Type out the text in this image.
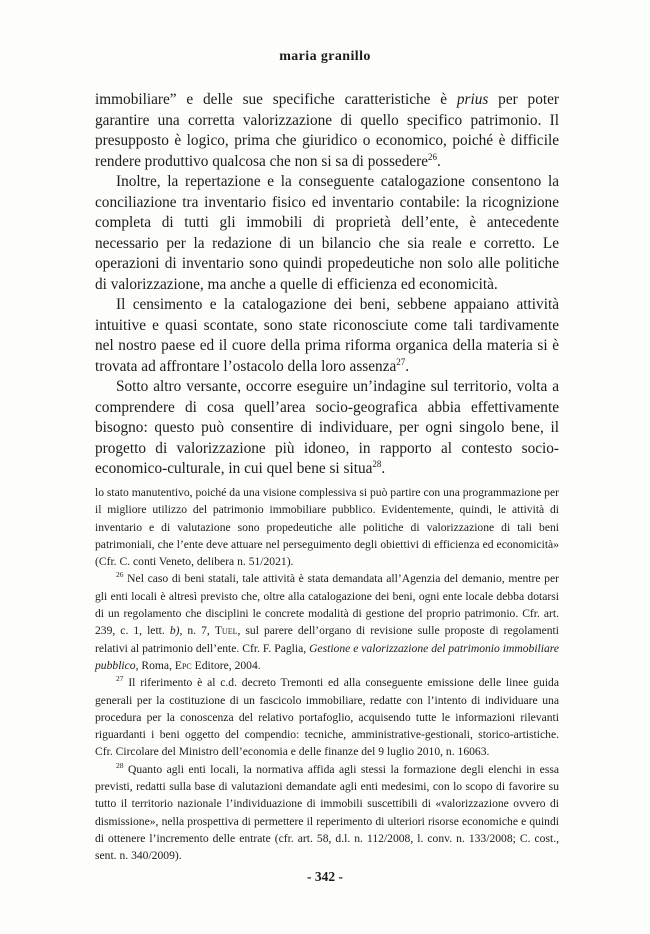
maria granillo

immobiliare” e delle sue specifiche caratteristiche è prius per poter garantire una corretta valorizzazione di quello specifico patrimonio. Il presupposto è logico, prima che giuridico o economico, poiché è difficile rendere produttivo qualcosa che non si sa di possedere$^{26}$.

Inoltre, la repertazione e la conseguente catalogazione consentono la conciliazione tra inventario fisico ed inventario contabile: la ricognizione completa di tutti gli immobili di proprietà dell’ente, è antecedente necessario per la redazione di un bilancio che sia reale e corretto. Le operazioni di inventario sono quindi propedeutiche non solo alle politiche di valorizzazione, ma anche a quelle di efficienza ed economicità.

Il censimento e la catalogazione dei beni, sebbene appaiano attività intuitive e quasi scontate, sono state riconosciute come tali tardivamente nel nostro paese ed il cuore della prima riforma organica della materia si è trovata ad affrontare l’ostacolo della loro assenza$^{27}$.

Sotto altro versante, occorre eseguire un’indagine sul territorio, volta a comprendere di cosa quell’area socio-geografica abbia effettivamente bisogno: questo può consentire di individuare, per ogni singolo bene, il progetto di valorizzazione più idoneo, in rapporto al contesto socio-economico-culturale, in cui quel bene si situa$^{28}$.

lo stato manutentivo, poiché da una visione complessiva si può partire con una programmazione per il migliore utilizzo del patrimonio immobiliare pubblico. Evidentemente, quindi, le attività di inventario e di valutazione sono propedeutiche alle politiche di valorizzazione di tali beni patrimoniali, che l’ente deve attuare nel perseguimento degli obiettivi di efficienza ed economicità» (Cfr. C. conti Veneto, delibera n. 51/2021).

$^{26}$ Nel caso di beni statali, tale attività è stata demandata all’Agenzia del demanio, mentre per gli enti locali è altresì previsto che, oltre alla catalogazione dei beni, ogni ente locale debba dotarsi di un regolamento che disciplini le concrete modalità di gestione del proprio patrimonio. Cfr. art. 239, c. 1, lett. b), n. 7, Tuel, sul parere dell’organo di revisione sulle proposte di regolamenti relativi al patrimonio dell’ente. Cfr. F. Paglia, Gestione e valorizzazione del patrimonio immobiliare pubblico, Roma, Epc Editore, 2004.

$^{27}$ Il riferimento è al c.d. decreto Tremonti ed alla conseguente emissione delle linee guida generali per la costituzione di un fascicolo immobiliare, redatte con l’intento di individuare una procedura per la conoscenza del relativo portafoglio, acquisendo tutte le informazioni rilevanti riguardanti i beni oggetto del compendio: tecniche, amministrative-gestionali, storico-artistiche. Cfr. Circolare del Ministro dell’economia e delle finanze del 9 luglio 2010, n. 16063.

$^{28}$ Quanto agli enti locali, la normativa affida agli stessi la formazione degli elenchi in essa previsti, redatti sulla base di valutazioni demandate agli enti medesimi, con lo scopo di favorire su tutto il territorio nazionale l’individuazione di immobili suscettibili di «valorizzazione ovvero di dismissione», nella prospettiva di permettere il reperimento di ulteriori risorse economiche e quindi di ottenere l’incremento delle entrate (cfr. art. 58, d.l. n. 112/2008, l. conv. n. 133/2008; C. cost., sent. n. 340/2009).

- 342 -
